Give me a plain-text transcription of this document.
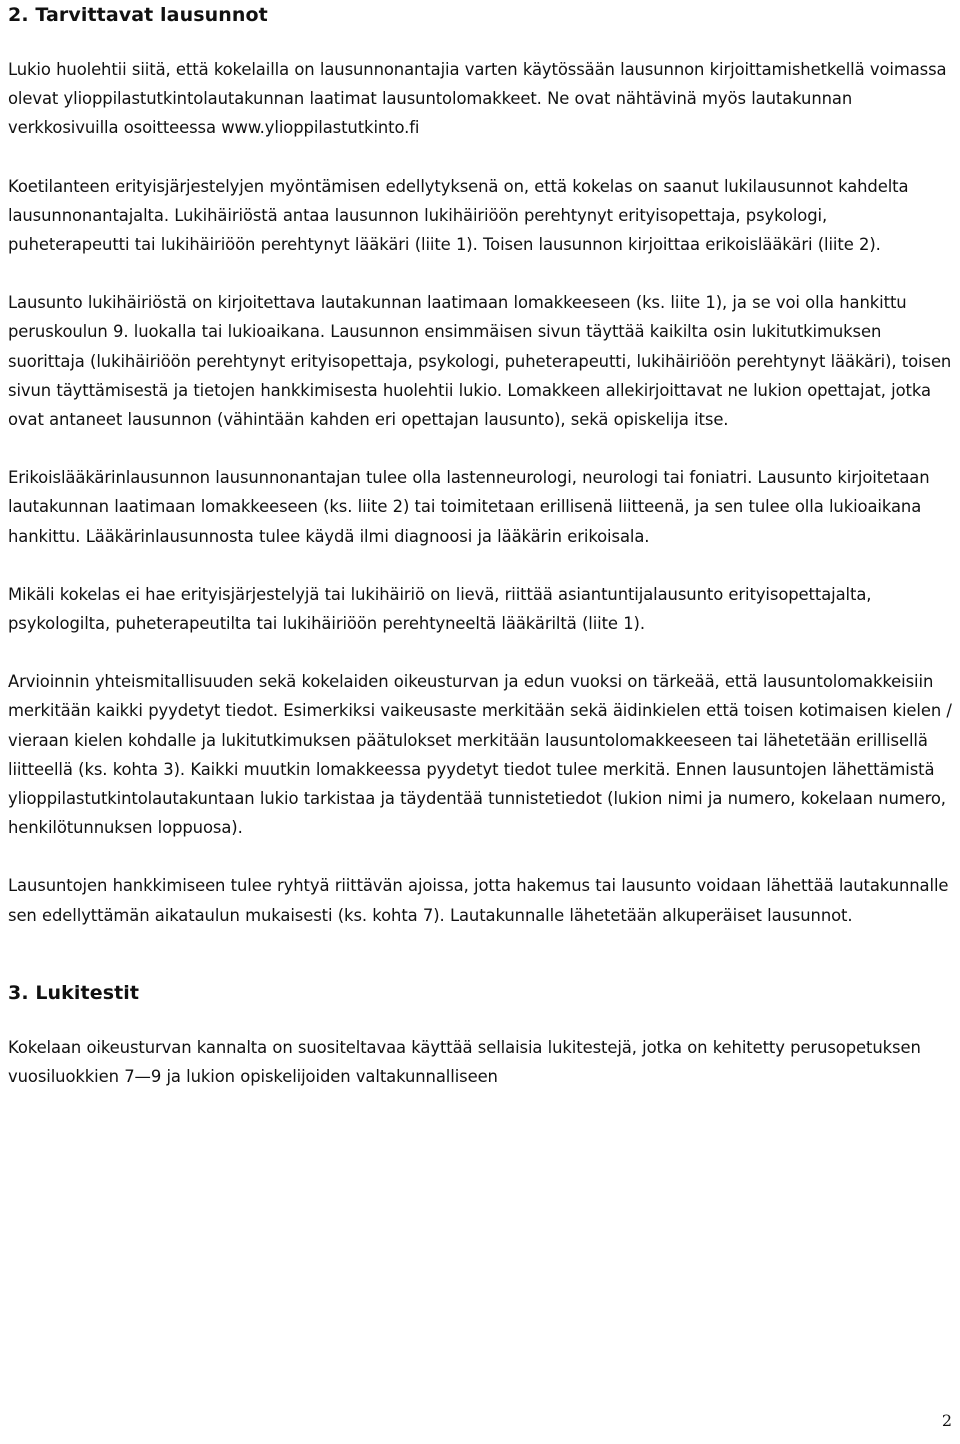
2. Tarvittavat lausunnot

Lukio huolehtii siitä, että kokelailla on lausunnonantajia varten käytössään lausunnon kirjoittamishetkellä voimassa olevat ylioppilastutkintolautakunnan laatimat lausuntolomakkeet. Ne ovat nähtävinä myös lautakunnan verkkosivuilla osoitteessa www.ylioppilastutkinto.fi

Koetilanteen erityisjärjestelyjen myöntämisen edellytyksenä on, että kokelas on saanut lukilausunnot kahdelta lausunnonantajalta. Lukihäiriöstä antaa lausunnon lukihäiriöön perehtynyt erityisopettaja, psykologi, puheterapeutti tai lukihäiriöön perehtynyt lääkäri (liite 1). Toisen lausunnon kirjoittaa erikoislääkäri (liite 2).

Lausunto lukihäiriöstä on kirjoitettava lautakunnan laatimaan lomakkeeseen (ks. liite 1), ja se voi olla hankittu peruskoulun 9. luokalla tai lukioaikana. Lausunnon ensimmäisen sivun täyttää kaikilta osin lukitutkimuksen suorittaja (lukihäiriöön perehtynyt erityisopettaja, psykologi, puheterapeutti, lukihäiriöön perehtynyt lääkäri), toisen sivun täyttämisestä ja tietojen hankkimisesta huolehtii lukio. Lomakkeen allekirjoittavat ne lukion opettajat, jotka ovat antaneet lausunnon (vähintään kahden eri opettajan lausunto), sekä opiskelija itse.

Erikoislääkärinlausunnon lausunnonantajan tulee olla lastenneurologi, neurologi tai foniatri. Lausunto kirjoitetaan lautakunnan laatimaan lomakkeeseen (ks. liite 2) tai toimitetaan erillisenä liitteenä, ja sen tulee olla lukioaikana hankittu. Lääkärinlausunnosta tulee käydä ilmi diagnoosi ja lääkärin erikoisala.

Mikäli kokelas ei hae erityisjärjestelyjä tai lukihäiriö on lievä, riittää asiantuntijalausunto erityisopettajalta, psykologilta, puheterapeutilta tai lukihäiriöön perehtyneeltä lääkäriltä (liite 1).

Arvioinnin yhteismitallisuuden sekä kokelaiden oikeusturvan ja edun vuoksi on tärkeää, että lausuntolomakkeisiin merkitään kaikki pyydetyt tiedot. Esimerkiksi vaikeusaste merkitään sekä äidinkielen että toisen kotimaisen kielen / vieraan kielen kohdalle ja lukitutkimuksen päätulokset merkitään lausuntolomakkeeseen tai lähetetään erillisellä liitteellä (ks. kohta 3). Kaikki muutkin lomakkeessa pyydetyt tiedot tulee merkitä. Ennen lausuntojen lähettämistä ylioppilastutkintolautakuntaan lukio tarkistaa ja täydentää tunnistetiedot (lukion nimi ja numero, kokelaan numero, henkilötunnuksen loppuosa).

Lausuntojen hankkimiseen tulee ryhtyä riittävän ajoissa, jotta hakemus tai lausunto voidaan lähettää lautakunnalle sen edellyttämän aikataulun mukaisesti (ks. kohta 7). Lautakunnalle lähetetään alkuperäiset lausunnot.

3. Lukitestit

Kokelaan oikeusturvan kannalta on suositeltavaa käyttää sellaisia lukitestejä, jotka on kehitetty perusopetuksen vuosiluokkien 7—9 ja lukion opiskelijoiden valtakunnalliseen

2
